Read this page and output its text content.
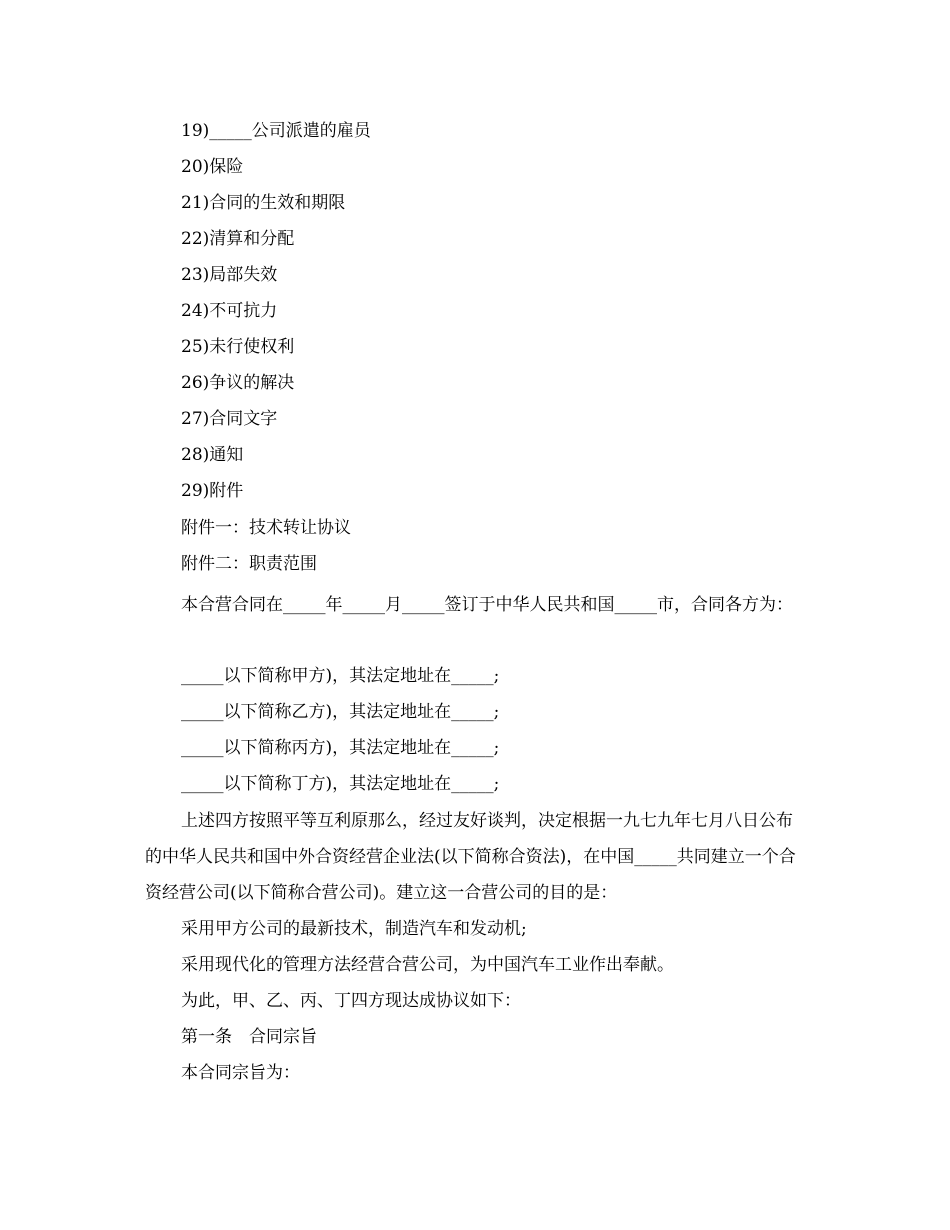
19)_____公司派遣的雇员

20)保险

21)合同的生效和期限

22)清算和分配

23)局部失效

24)不可抗力

25)未行使权利

26)争议的解决

27)合同文字

28)通知

29)附件

附件一：技术转让协议

附件二：职责范围

本合营合同在_____年_____月_____签订于中华人民共和国_____市，合同各方为：

_____以下简称甲方)，其法定地址在_____;

_____以下简称乙方)，其法定地址在_____;

_____以下简称丙方)，其法定地址在_____;

_____以下简称丁方)，其法定地址在_____;

上述四方按照平等互利原那么，经过友好谈判，决定根据一九七九年七月八日公布的中华人民共和国中外合资经营企业法(以下简称合资法)，在中国_____共同建立一个合资经营公司(以下简称合营公司)。建立这一合营公司的目的是：

采用甲方公司的最新技术，制造汽车和发动机;

采用现代化的管理方法经营合营公司，为中国汽车工业作出奉献。

为此，甲、乙、丙、丁四方现达成协议如下：

第一条　合同宗旨

本合同宗旨为：
